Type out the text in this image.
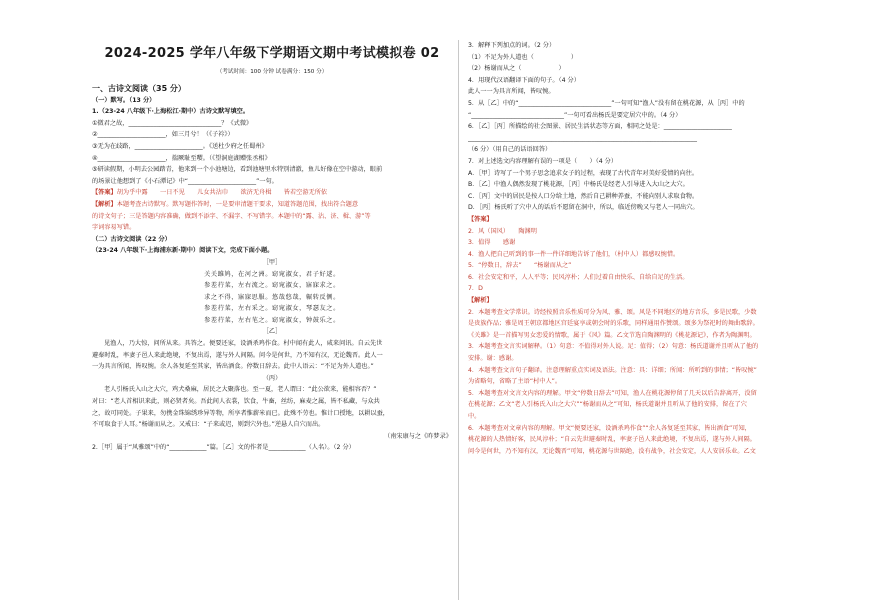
2024-2025 学年八年级下学期语文期中考试模拟卷 02
（考试时间：100 分钟 试卷满分：150 分）
一、古诗文阅读（35 分）
（一）默写。（13 分）
1.（23-24 八年级下·上海松江·期中）古诗文默写填空。
①微君之故，______________________________？《式微》
②______________________，如三月兮！（《子衿》）
③无为在歧路，______________________。《送杜少府之任蜀州》
④______________________，揣厥耻至嘤。（《望洞庭湖赠张丞相》
⑤研读假期，小明去公园踏青，他来到一个小池塘边，看到池塘里水特别清澈，鱼儿好像在空中游动，眼前
的场景让他想到了《小石潭记》中“______________________”一句。
【答案】胡为乎中露　　一日不见　　儿女共沾巾　　欲济无舟楫　　皆若空游无所依
【解析】本题考查古诗默写。默写题作答时，一是要审清题干要求，知道答题范围，找出符合题意
的诗文句子；三是答题内容准确，做到不添字、不漏字、不写错字。本题中的“露、沾、济、楫、游”等
字词容易写错。
（二）古诗文阅读（22 分）
（23-24 八年级下·上海浦东新·期中）阅读下文，完成下面小题。
［甲］
关关雎鸠，在河之洲。窈窕淑女，君子好逑。
参差荇菜，左右流之。窈窕淑女，寤寐求之。
求之不得，寤寐思服。悠哉悠哉，辗转反侧。
参差荇菜，左右采之。窈窕淑女，琴瑟友之。
参差荇菜，左右芼之。窈窕淑女，钟鼓乐之。
［乙］
见渔人，乃大惊，问所从来。具答之。便要还家，设酒杀鸡作食。村中闻有此人，咸来问讯。自云先世
避秦时乱，率妻子邑人来此绝境，不复出焉，遂与外人间隔。问今是何世，乃不知有汉，无论魏晋。此人一
一为具言所闻，皆叹惋。余人各复延至其家，皆出酒食。停数日辞去。此中人语云：“不足为外人道也。”
（丙）
老人引杨氏入山之大穴，鸡犬桑麻，居民之大聚落也。至一夏，老人谓曰：“此公欲来，能相容否？”
对曰：“老人首相识来此，则必贤者矣。吾此间人衣裳，饮食，牛畜，丝纺，麻麦之属，皆不私藏，与众共
之，故可同处。子果来，勿携金珠锦绣珍异等物，所享者惟薪米而已。此殊不劳也。惟计口授地，以耕以蚕，
不可取食于人耳。”杨谢而从之。又戒曰：“子来或迟，则到穴外也。”逆悬人自穴而出。
（南宋康与之《昨梦录》
2.［甲］属于“风雅颂”中的“____________”篇。［乙］文的作者是____________（人名）。（2 分）
3．解释下列加点的词。（2 分）
（1）不足为外人道也（　　　　　　）
（2）杨谢而从之（　　　　　　）
4．用现代汉语翻译下面的句子。（4 分）
此人一一为具言所闻，皆叹惋。
5．从［乙］中的“______________________________”一句可知“渔人”没有留在桃花源，从［丙］中的
“______________________________”一句可看出杨氏是要定居穴中的。（4 分）
6．［乙］［丙］所描绘的社会图景、居民生活状态等方面，相同之处是：______________________
__________________________________________________________________________
（6 分）（用自己的话语回答）
7．对上述选文内容理解有误的一项是（　　）（4 分）
A．［甲］诗写了一个男子思念追求女子的过程，表现了古代青年对美好爱情的向往。
B．［乙］中渔人偶然发现了桃花源，［丙］中杨氏是经老人引导进入大山之大穴。
C．［丙］文中的居民是按人口分给土地，然后自己耕种养蚕，不能向别人求取食物。
D．［丙］杨氏听了穴中人的话后不愿留在洞中，所以，临近傍晚又与老人一同出穴。
【答案】
2．风（国风）　　陶渊明
3．值得　　感谢
4．渔人把自己听到的事一件一件详细地告诉了他们，（村中人）都感叹惋惜。
5．“停数日，辞去”　　“杨谢而从之”
6．社会安定和平，人人平等；民风淳朴；人们过着自由快乐、自给自足的生活。
7．D
【解析】
2．本题考查文学常识。诗经按照音乐性质可分为风、雅、颂。风是不同地区的地方音乐，多是民歌，少数
是贵族作品；雅是周王朝京都地区宫廷宴享或朝会时的乐歌，同样通用作赞颂。颂多为祭祀时的舞曲歌辞。
《关雎》是一首描写男女恋爱的情歌，属于《风》篇。乙文节选自陶渊明的《桃花源记》，作者为陶渊明。
3．本题考查文言实词解释。（1）句意：不值得对外人说。足：值得；（2）句意：杨氏道谢并且听从了他的
安排。谢：感谢。
4．本题考查文言句子翻译。注意理解重点实词及语法。注意：具：详细；所闻：所听到的事情；“皆叹惋”
为省略句，省略了主语“村中人”。
5．本题考查对文言文内容的理解。甲文“停数日辞去”可知，渔人在桃花源停留了几天以后告辞离开，没留
在桃花源；乙文“老人引杨氏入山之大穴”“杨谢而从之”可知，杨氏道谢并且听从了他的安排，留在了穴
中。
6．本题考查对文章内容的理解。甲文“便要还家，设酒杀鸡作食”“余人各复延至其家，皆出酒食”可知，
桃花源的人热情好客，民风淳朴；“自云先世避秦时乱，率妻子邑人来此绝境，不复出焉，遂与外人间隔。
问今是何世，乃不知有汉，无论魏晋”可知，桃花源与世隔绝，没有战争，社会安定，人人安居乐业。乙文
